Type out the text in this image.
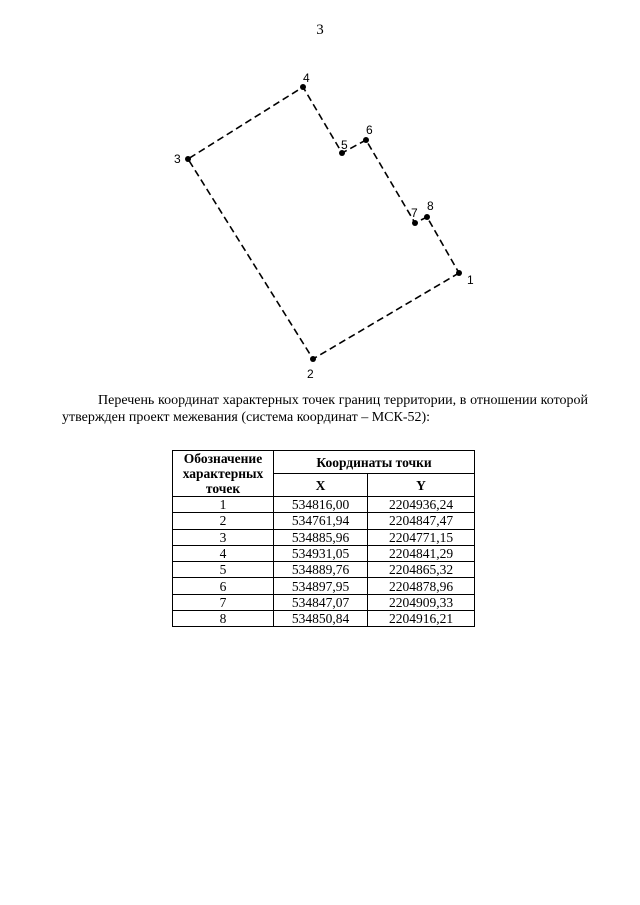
3
1
2
3
4
5
6
7 8

Перечень координат характерных точек границ территории, в отношении которой утвержден проект межевания (система координат – МСК-52):

Обозначение характерных точек	Координаты точки	
	X	Y
1	534816,00	2204936,24
2	534761,94	2204847,47
3	534885,96	2204771,15
4	534931,05	2204841,29
5	534889,76	2204865,32
6	534897,95	2204878,96
7	534847,07	2204909,33
8	534850,84	2204916,21
